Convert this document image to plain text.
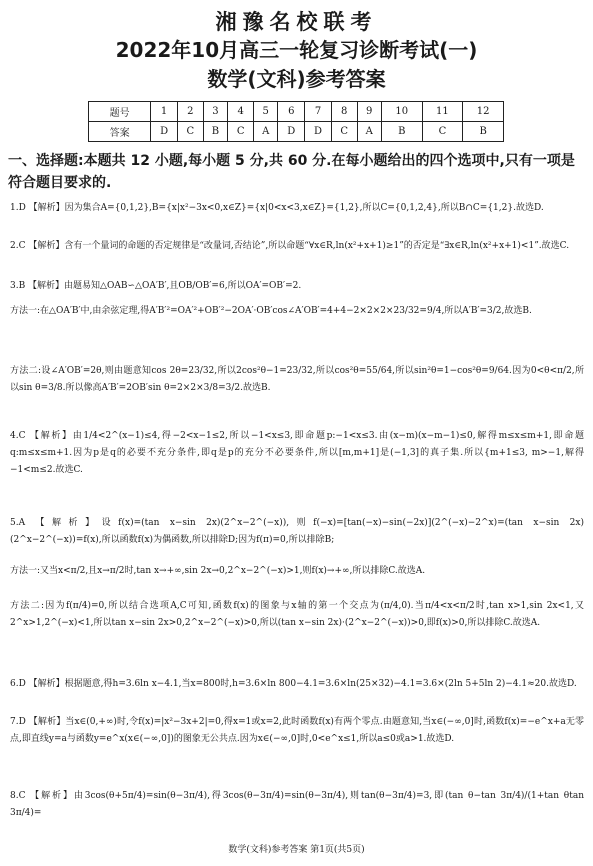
湘豫名校联考
2022年10月高三一轮复习诊断考试(一)
数学(文科)参考答案
题号	1	2	3	4	5	6	7	8	9	10	11	12
答案	D	C	B	C	A	D	D	C	A	B	C	B
一、选择题:本题共 12 小题,每小题 5 分,共 60 分.在每小题给出的四个选项中,只有一项是符合题目要求的.
1.D 【解析】因为集合A={0,1,2},B={x|x²−3x<0,x∈Z}={x|0<x<3,x∈Z}={1,2},所以C={0,1,2,4},所以B∩C={1,2}.故选D.
2.C 【解析】含有一个量词的命题的否定规律是“改量词,否结论”,所以命题“∀x∈R,ln(x²+x+1)≥1”的否定是“∃x∈R,ln(x²+x+1)<1”.故选C.
3.B 【解析】由题易知△OAB∽△OA′B′,且OB/OB′=6,所以OA′=OB′=2.
方法一:在△OA′B′中,由余弦定理,得A′B′²=OA′²+OB′²−2OA′·OB′cos∠A′OB′=4+4−2×2×2×23/32=9/4,所以A′B′=3/2,故选B.
方法二:设∠A′OB′=2θ,则由题意知cos 2θ=23/32,所以2cos²θ−1=23/32,所以cos²θ=55/64,所以sin²θ=1−cos²θ=9/64.因为0<θ<π/2,所以sin θ=3/8.所以像高A′B′=2OB′sin θ=2×2×3/8=3/2.故选B.
4.C 【解析】由1/4<2^(x−1)≤4,得−2<x−1≤2,所以−1<x≤3,即命题p:−1<x≤3.由(x−m)(x−m−1)≤0,解得m≤x≤m+1,即命题q:m≤x≤m+1.因为p是q的必要不充分条件,即q是p的充分不必要条件,所以[m,m+1]是(−1,3]的真子集.所以{m+1≤3, m>−1,解得−1<m≤2.故选C.
5.A 【解析】设f(x)=(tan x−sin 2x)(2^x−2^(−x)),则f(−x)=[tan(−x)−sin(−2x)](2^(−x)−2^x)=(tan x−sin 2x)(2^x−2^(−x))=f(x),所以函数f(x)为偶函数,所以排除D;因为f(π)=0,所以排除B;
方法一:又当x<π/2,且x→π/2时,tan x→+∞,sin 2x→0,2^x−2^(−x)>1,则f(x)→+∞,所以排除C.故选A.
方法二:因为f(π/4)=0,所以结合选项A,C可知,函数f(x)的图象与x轴的第一个交点为(π/4,0).当π/4<x<π/2时,tan x>1,sin 2x<1,又2^x>1,2^(−x)<1,所以tan x−sin 2x>0,2^x−2^(−x)>0,所以(tan x−sin 2x)·(2^x−2^(−x))>0,即f(x)>0,所以排除C.故选A.
6.D 【解析】根据题意,得h=3.6ln x−4.1,当x=800时,h=3.6×ln 800−4.1=3.6×ln(25×32)−4.1=3.6×(2ln 5+5ln 2)−4.1≈20.故选D.
7.D 【解析】当x∈(0,+∞)时,令f(x)=|x²−3x+2|=0,得x=1或x=2,此时函数f(x)有两个零点.由题意知,当x∈(−∞,0]时,函数f(x)=−e^x+a无零点,即直线y=a与函数y=e^x(x∈(−∞,0])的图象无公共点.因为x∈(−∞,0]时,0<e^x≤1,所以a≤0或a>1.故选D.
8.C 【解析】由3cos(θ+5π/4)=sin(θ−3π/4),得3cos(θ−3π/4)=sin(θ−3π/4),则tan(θ−3π/4)=3,即(tan θ−tan 3π/4)/(1+tan θtan 3π/4)=
数学(文科)参考答案 第1页(共5页)
